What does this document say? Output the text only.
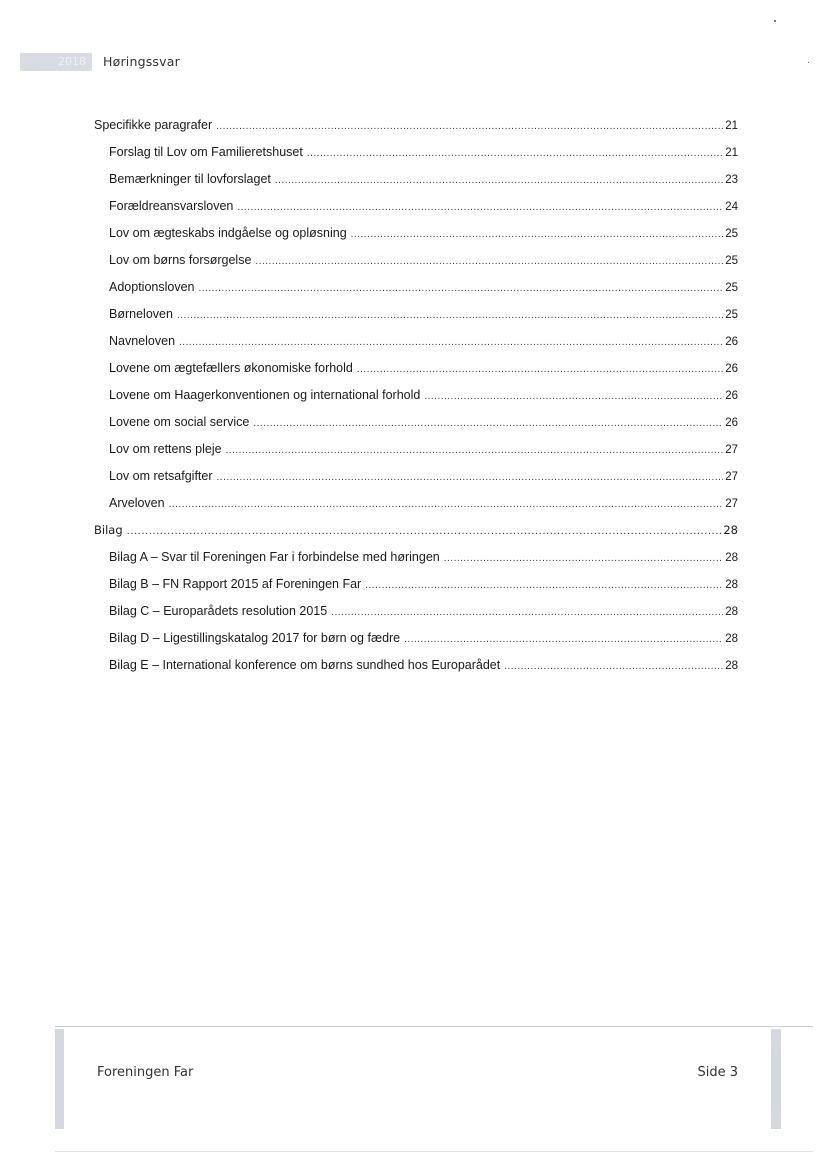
2018	Høringssvar
Specifikke paragrafer .....	21
Forslag til Lov om Familieretshuset .....	21
Bemærkninger til lovforslaget .....	23
Forældreansvarsloven .....	24
Lov om ægteskabs indgåelse og opløsning .....	25
Lov om børns forsørgelse .....	25
Adoptionsloven .....	25
Børneloven .....	25
Navneloven .....	26
Lovene om ægtefællers økonomiske forhold .....	26
Lovene om Haagerkonventionen og international forhold .....	26
Lovene om social service .....	26
Lov om rettens pleje .....	27
Lov om retsafgifter .....	27
Arveloven .....	27
Bilag .....	28
Bilag A – Svar til Foreningen Far i forbindelse med høringen .....	28
Bilag B – FN Rapport 2015 af Foreningen Far .....	28
Bilag C – Europarådets resolution 2015 .....	28
Bilag D – Ligestillingskatalog 2017 for børn og fædre .....	28
Bilag E – International konference om børns sundhed hos Europarådet .....	28
Foreningen Far	Side 3
